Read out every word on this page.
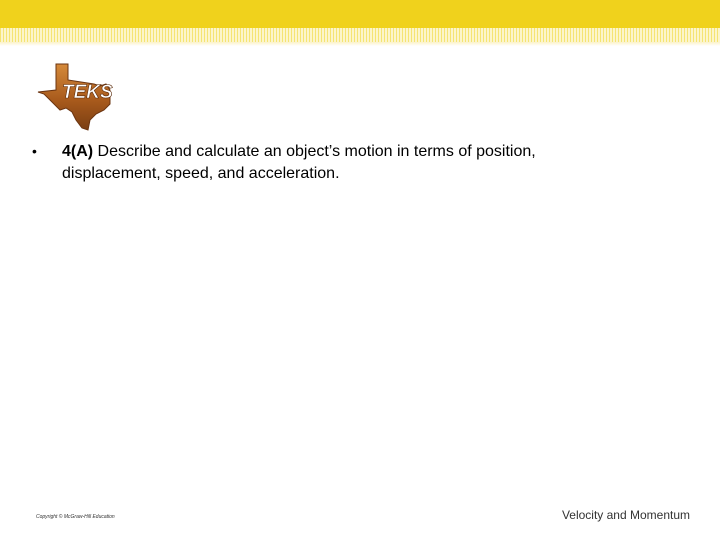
TEKS
• 4(A) Describe and calculate an object’s motion in terms of position, displacement, speed, and acceleration.
Copyright © McGraw-Hill Education	Velocity and Momentum
